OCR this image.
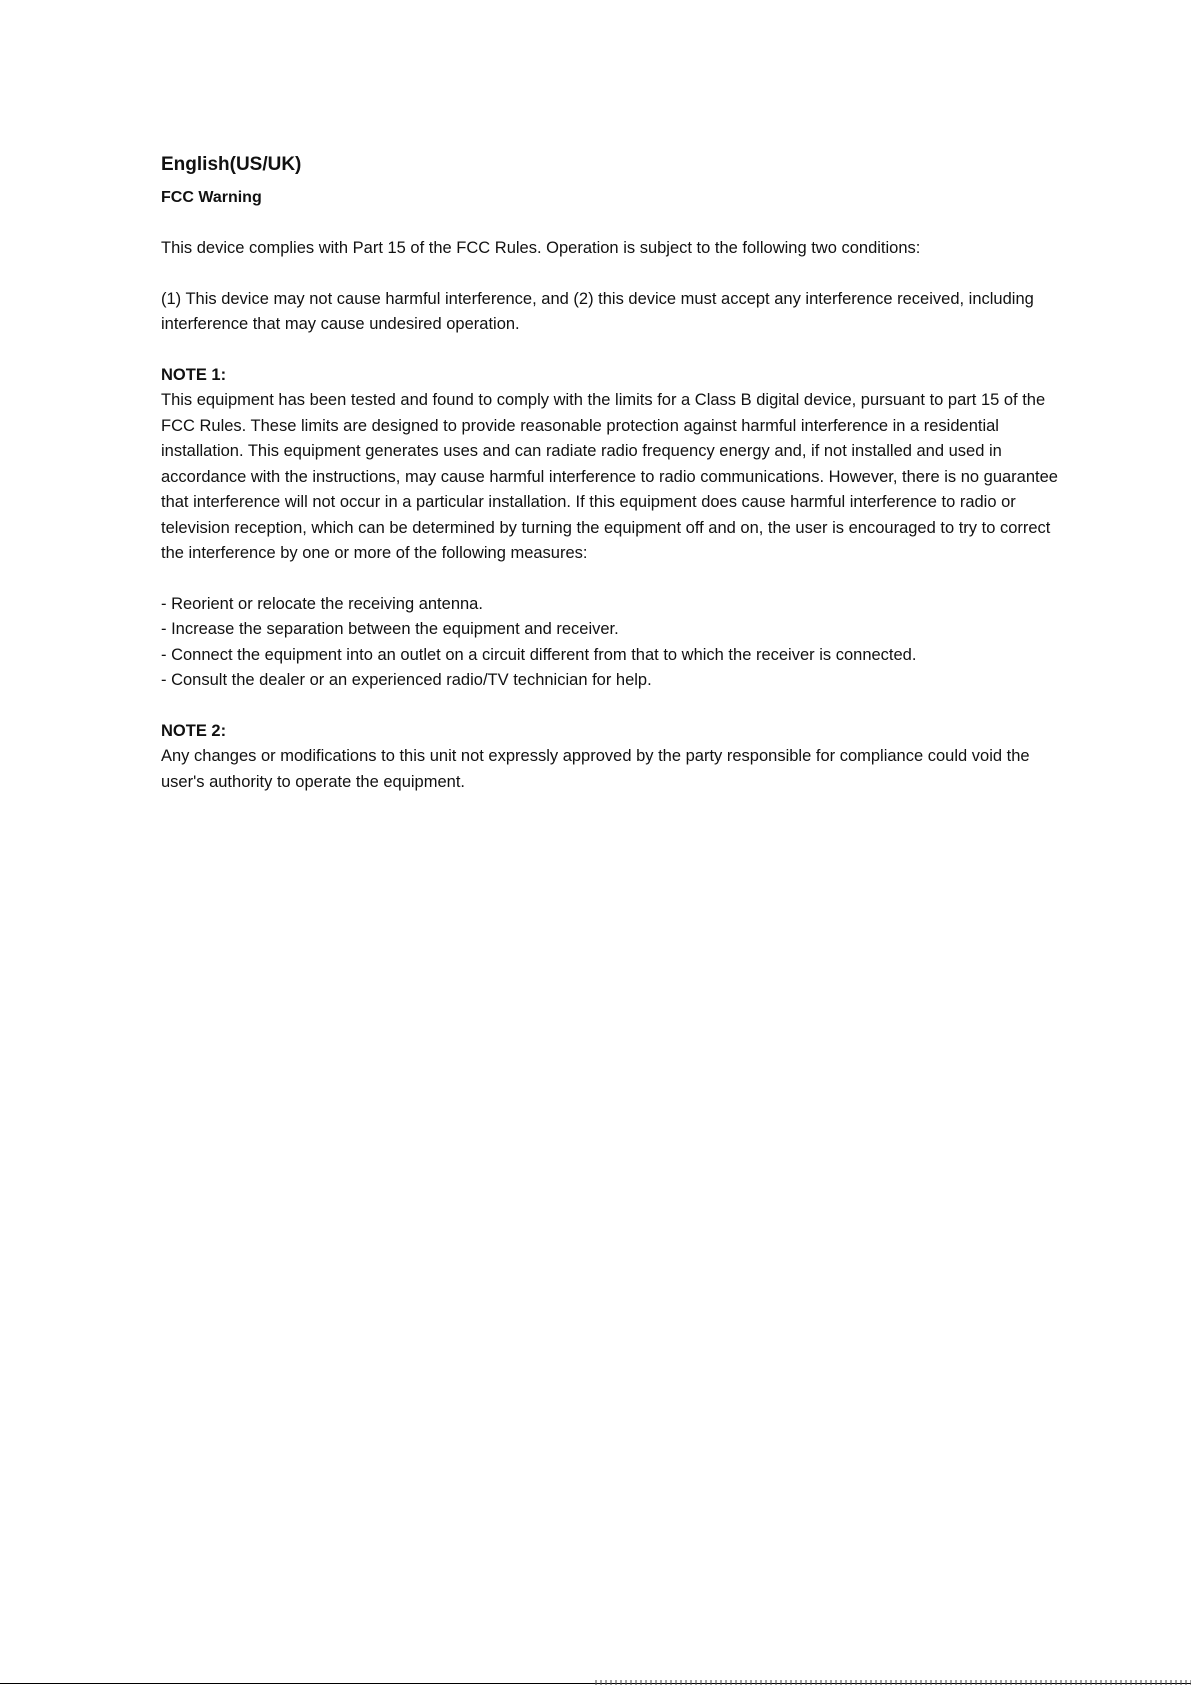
English(US/UK)
FCC Warning

This device complies with Part 15 of the FCC Rules. Operation is subject to the following two conditions:

(1) This device may not cause harmful interference, and (2) this device must accept any interference received, including interference that may cause undesired operation.

NOTE 1:

This equipment has been tested and found to comply with the limits for a Class B digital device, pursuant to part 15 of the FCC Rules. These limits are designed to provide reasonable protection against harmful interference in a residential installation. This equipment generates uses and can radiate radio frequency energy and, if not installed and used in accordance with the instructions, may cause harmful interference to radio communications. However, there is no guarantee that interference will not occur in a particular installation. If this equipment does cause harmful interference to radio or television reception, which can be determined by turning the equipment off and on, the user is encouraged to try to correct the interference by one or more of the following measures:

- Reorient or relocate the receiving antenna.
- Increase the separation between the equipment and receiver.
- Connect the equipment into an outlet on a circuit different from that to which the receiver is connected.
- Consult the dealer or an experienced radio/TV technician for help.

NOTE 2:

Any changes or modifications to this unit not expressly approved by the party responsible for compliance could void the user's authority to operate the equipment.
